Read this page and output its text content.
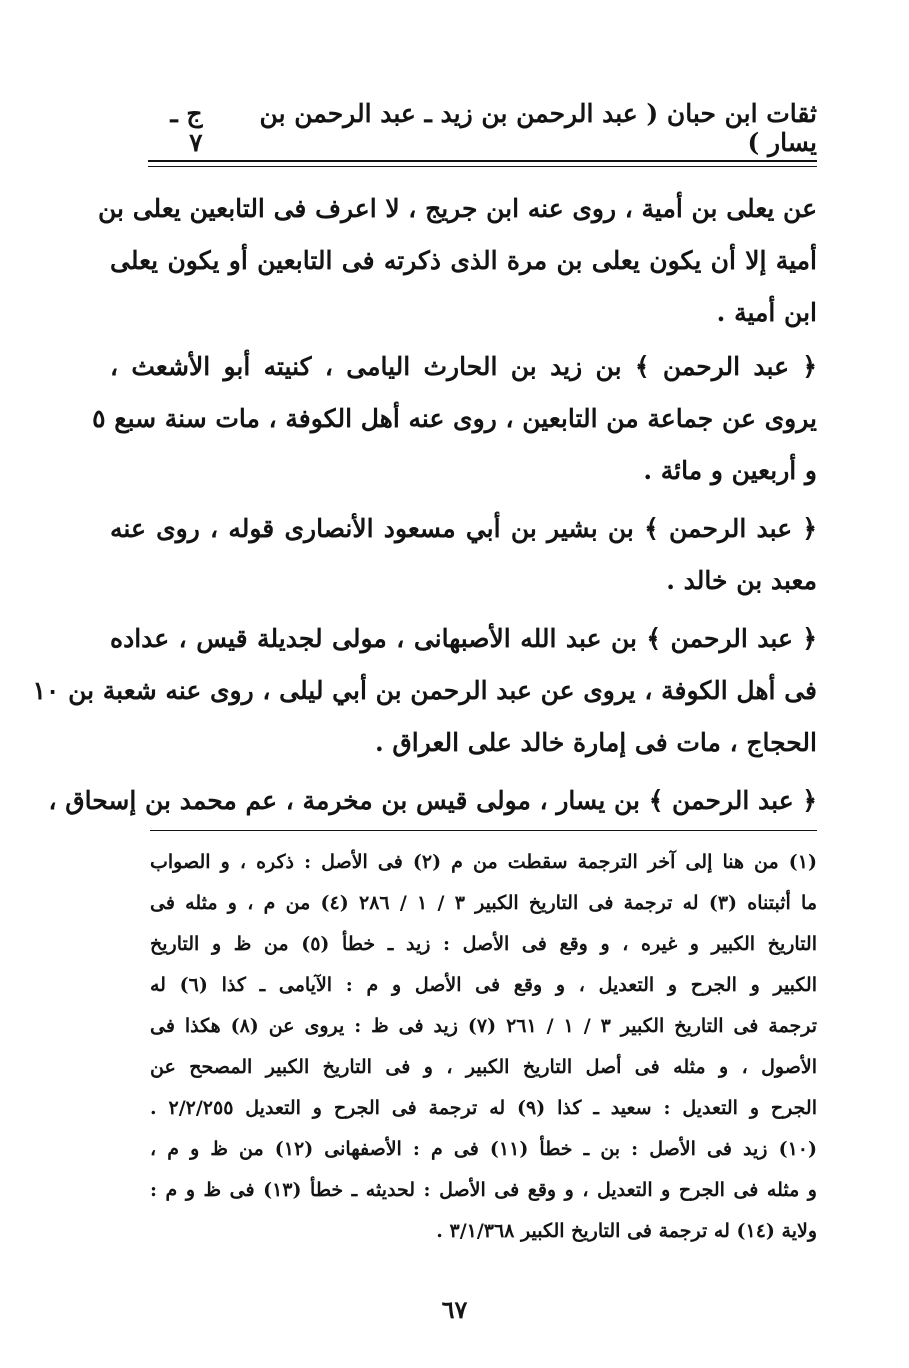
ثقات ابن حبان ( عبد الرحمن بن زيد ـ عبد الرحمن بن يسار )
ج ـ ٧
عن يعلى بن أمية ، روى عنه ابن جريج ، لا اعرف فى التابعين يعلى بن
أمية إلا أن يكون يعلى بن مرة الذى ذكرته فى التابعين أو يكون يعلى
ابن أمية .
﴿ عبد الرحمن ﴾ بن زيد بن الحارث اليامى ، كنيته أبو الأشعث ،
يروى عن جماعة من التابعين ، روى عنه أهل الكوفة ، مات سنة سبع ٥
و أربعين و مائة .
﴿ عبد الرحمن ﴾ بن بشير بن أبي مسعود الأنصارى قوله ، روى عنه
معبد بن خالد .
﴿ عبد الرحمن ﴾ بن عبد الله الأصبهانى ، مولى لجديلة قيس ، عداده
فى أهل الكوفة ، يروى عن عبد الرحمن بن أبي ليلى ، روى عنه شعبة بن ١٠
الحجاج ، مات فى إمارة خالد على العراق .
﴿ عبد الرحمن ﴾ بن يسار ، مولى قيس بن مخرمة ، عم محمد بن إسحاق ،
(١) من هنا إلى آخر الترجمة سقطت من م (٢) فى الأصل : ذكره ، و الصواب
ما أثبتناه (٣) له ترجمة فى التاريخ الكبير ٣ / ١ / ٢٨٦ (٤) من م ، و مثله فى
التاريخ الكبير و غيره ، و وقع فى الأصل : زيد ـ خطأ (٥) من ظ و التاريخ
الكبير و الجرح و التعديل ، و وقع فى الأصل و م : الآيامى ـ كذا (٦) له
ترجمة فى التاريخ الكبير ٣ / ١ / ٢٦١ (٧) زيد فى ظ : يروى عن (٨) هكذا فى
الأصول ، و مثله فى أصل التاريخ الكبير ، و فى التاريخ الكبير المصحح عن
الجرح و التعديل : سعيد ـ كذا (٩) له ترجمة فى الجرح و التعديل ٢/٢/٢٥٥ .
(١٠) زيد فى الأصل : بن ـ خطأ (١١) فى م : الأصفهانى (١٢) من ظ و م ،
و مثله فى الجرح و التعديل ، و وقع فى الأصل : لحديثه ـ خطأ (١٣) فى ظ و م :
ولاية (١٤) له ترجمة فى التاريخ الكبير ٣/١/٣٦٨ .
٦٧
